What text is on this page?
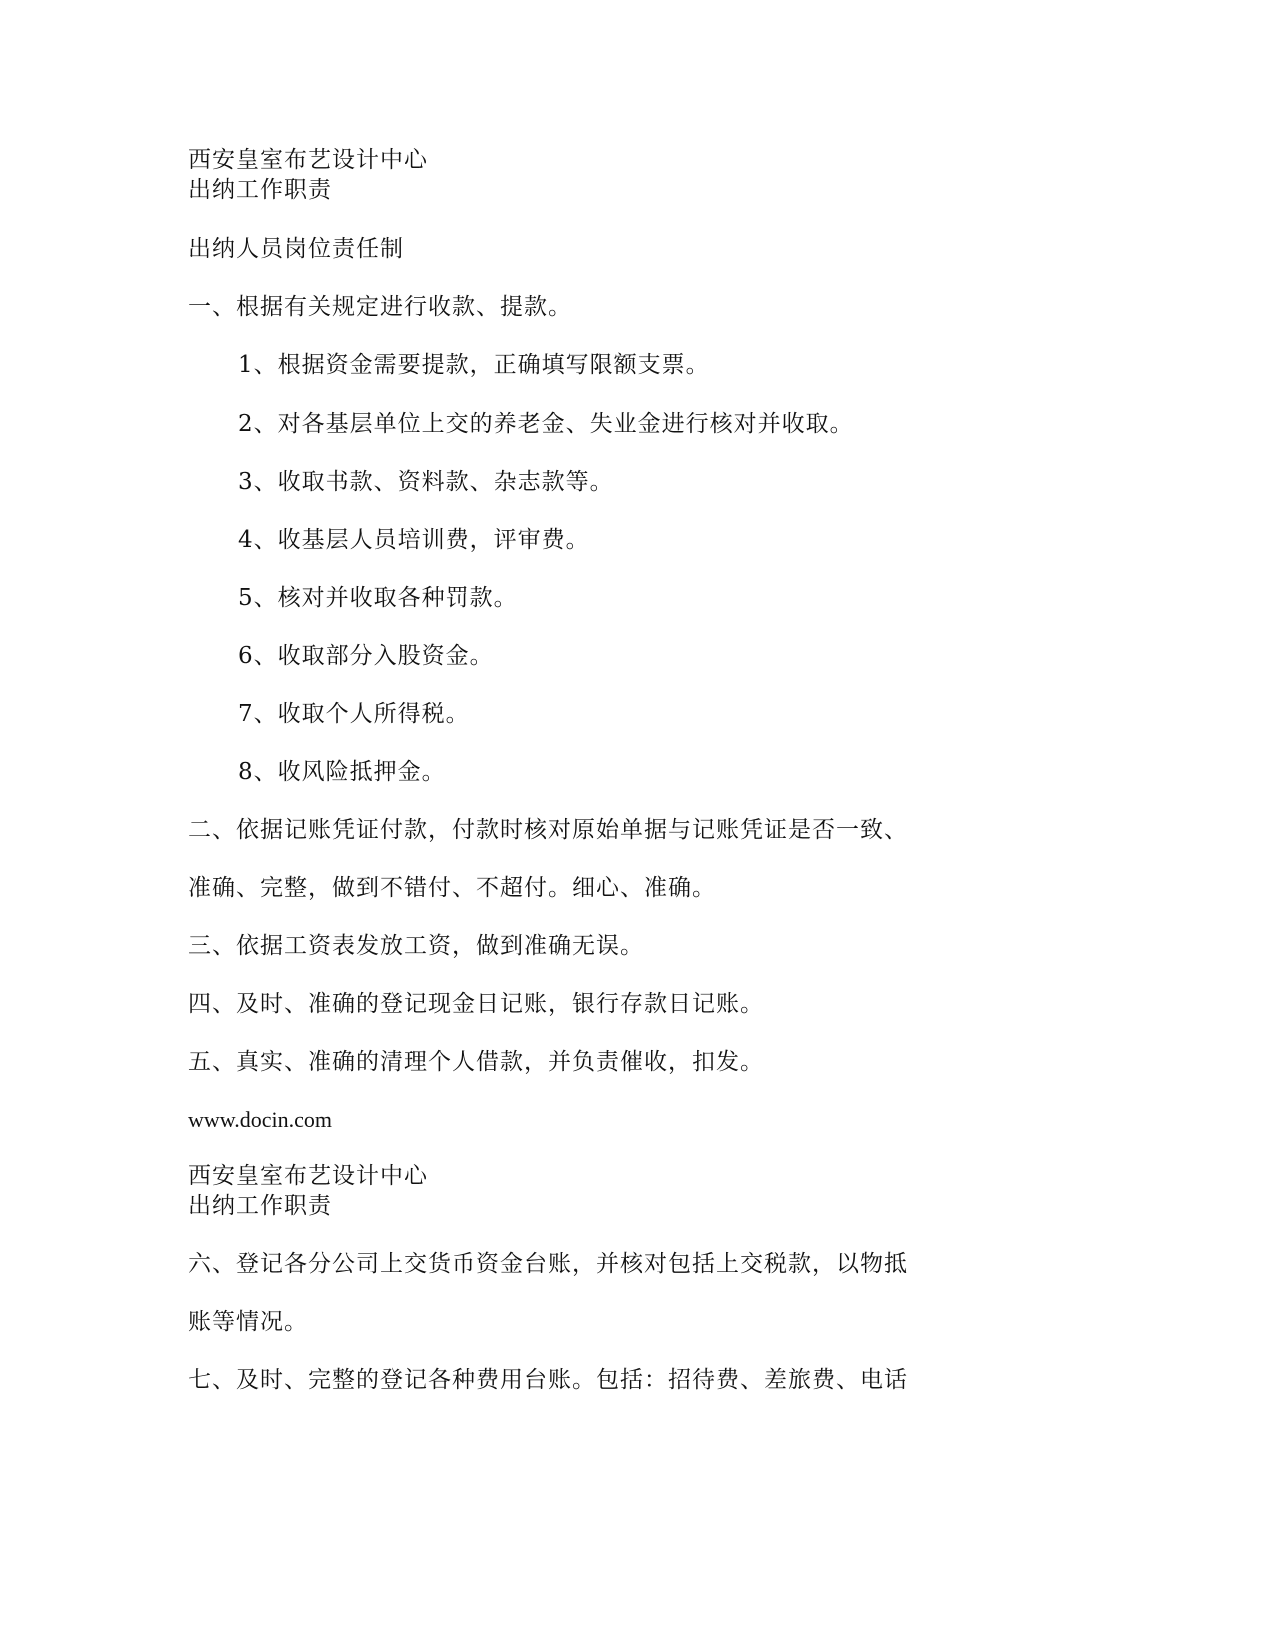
西安皇室布艺设计中心
出纳工作职责
出纳人员岗位责任制
一、根据有关规定进行收款、提款。
1、根据资金需要提款，正确填写限额支票。
2、对各基层单位上交的养老金、失业金进行核对并收取。
3、收取书款、资料款、杂志款等。
4、收基层人员培训费，评审费。
5、核对并收取各种罚款。
6、收取部分入股资金。
7、收取个人所得税。
8、收风险抵押金。
二、依据记账凭证付款，付款时核对原始单据与记账凭证是否一致、
准确、完整，做到不错付、不超付。细心、准确。
三、依据工资表发放工资，做到准确无误。
四、及时、准确的登记现金日记账，银行存款日记账。
五、真实、准确的清理个人借款，并负责催收，扣发。
www.docin.com
西安皇室布艺设计中心
出纳工作职责
六、登记各分公司上交货币资金台账，并核对包括上交税款，以物抵
账等情况。
七、及时、完整的登记各种费用台账。包括：招待费、差旅费、电话
